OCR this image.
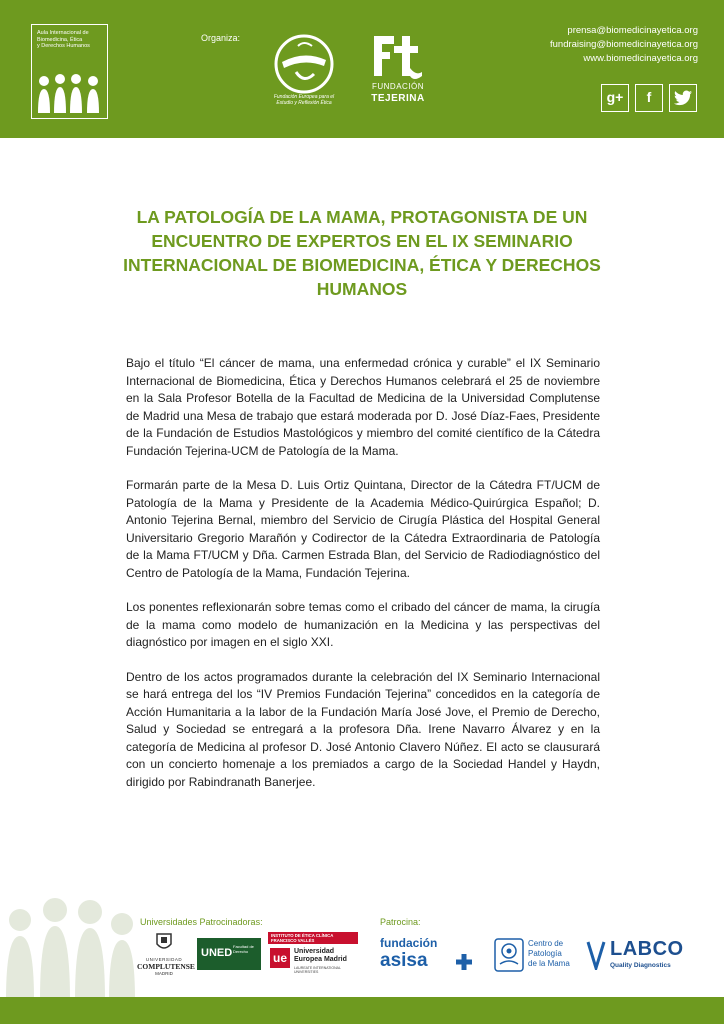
Aula Internacional de
Biomedicina, Ética
y Derechos Humanos
Organiza:
Fundación Europea para el Estudio y Reflexión Ética
FUNDACIÓN
TEJERINA
prensa@biomedicinayetica.org
fundraising@biomedicinayetica.org
www.biomedicinayetica.org
g+	f
LA PATOLOGÍA DE LA MAMA, PROTAGONISTA DE UN ENCUENTRO DE EXPERTOS EN EL IX SEMINARIO INTERNACIONAL DE BIOMEDICINA, ÉTICA Y DERECHOS HUMANOS

Bajo el título “El cáncer de mama, una enfermedad crónica y curable” el IX Seminario Internacional de Biomedicina, Ética y Derechos Humanos celebrará el 25 de noviembre en la Sala Profesor Botella de la Facultad de Medicina de la Universidad Complutense de Madrid una Mesa de trabajo que estará moderada por D. José Díaz-Faes, Presidente de la Fundación de Estudios Mastológicos y miembro del comité científico de la Cátedra Fundación Tejerina-UCM de Patología de la Mama.

Formarán parte de la Mesa D. Luis Ortiz Quintana, Director de la Cátedra FT/UCM de Patología de la Mama y Presidente de la Academia Médico-Quirúrgica Español; D. Antonio Tejerina Bernal, miembro del Servicio de Cirugía Plástica del Hospital General Universitario Gregorio Marañón y Codirector de la Cátedra Extraordinaria de Patología de la Mama FT/UCM y Dña. Carmen Estrada Blan, del Servicio de Radiodiagnóstico del Centro de Patología de la Mama, Fundación Tejerina.

Los ponentes reflexionarán sobre temas como el cribado del cáncer de mama, la cirugía de la mama como modelo de humanización en la Medicina y las perspectivas del diagnóstico por imagen en el siglo XXI.

Dentro de los actos programados durante la celebración del IX Seminario Internacional se hará entrega del los “IV Premios Fundación Tejerina” concedidos en la categoría de Acción Humanitaria a la labor de la Fundación María José Jove, el Premio de Derecho, Salud y Sociedad se entregará a la profesora Dña. Irene Navarro Álvarez y en la categoría de Medicina al profesor D. José Antonio Clavero Núñez. El acto se clausurará con un concierto homenaje a los premiados a cargo de la Sociedad Handel y Haydn, dirigido por Rabindranath Banerjee.

Universidades Patrocinadoras:	Patrocina:
UNIVERSIDAD
COMPLUTENSE
MADRID
UNED
Facultad de Derecho
INSTITUTO DE ÉTICA CLÍNICA FRANCISCO VALLÉS
ue	Universidad
Europea Madrid
LAUREATE INTERNATIONAL UNIVERSITIES
fundación
asisa
Centro de
Patología
de la Mama
LABCO
Quality Diagnostics
